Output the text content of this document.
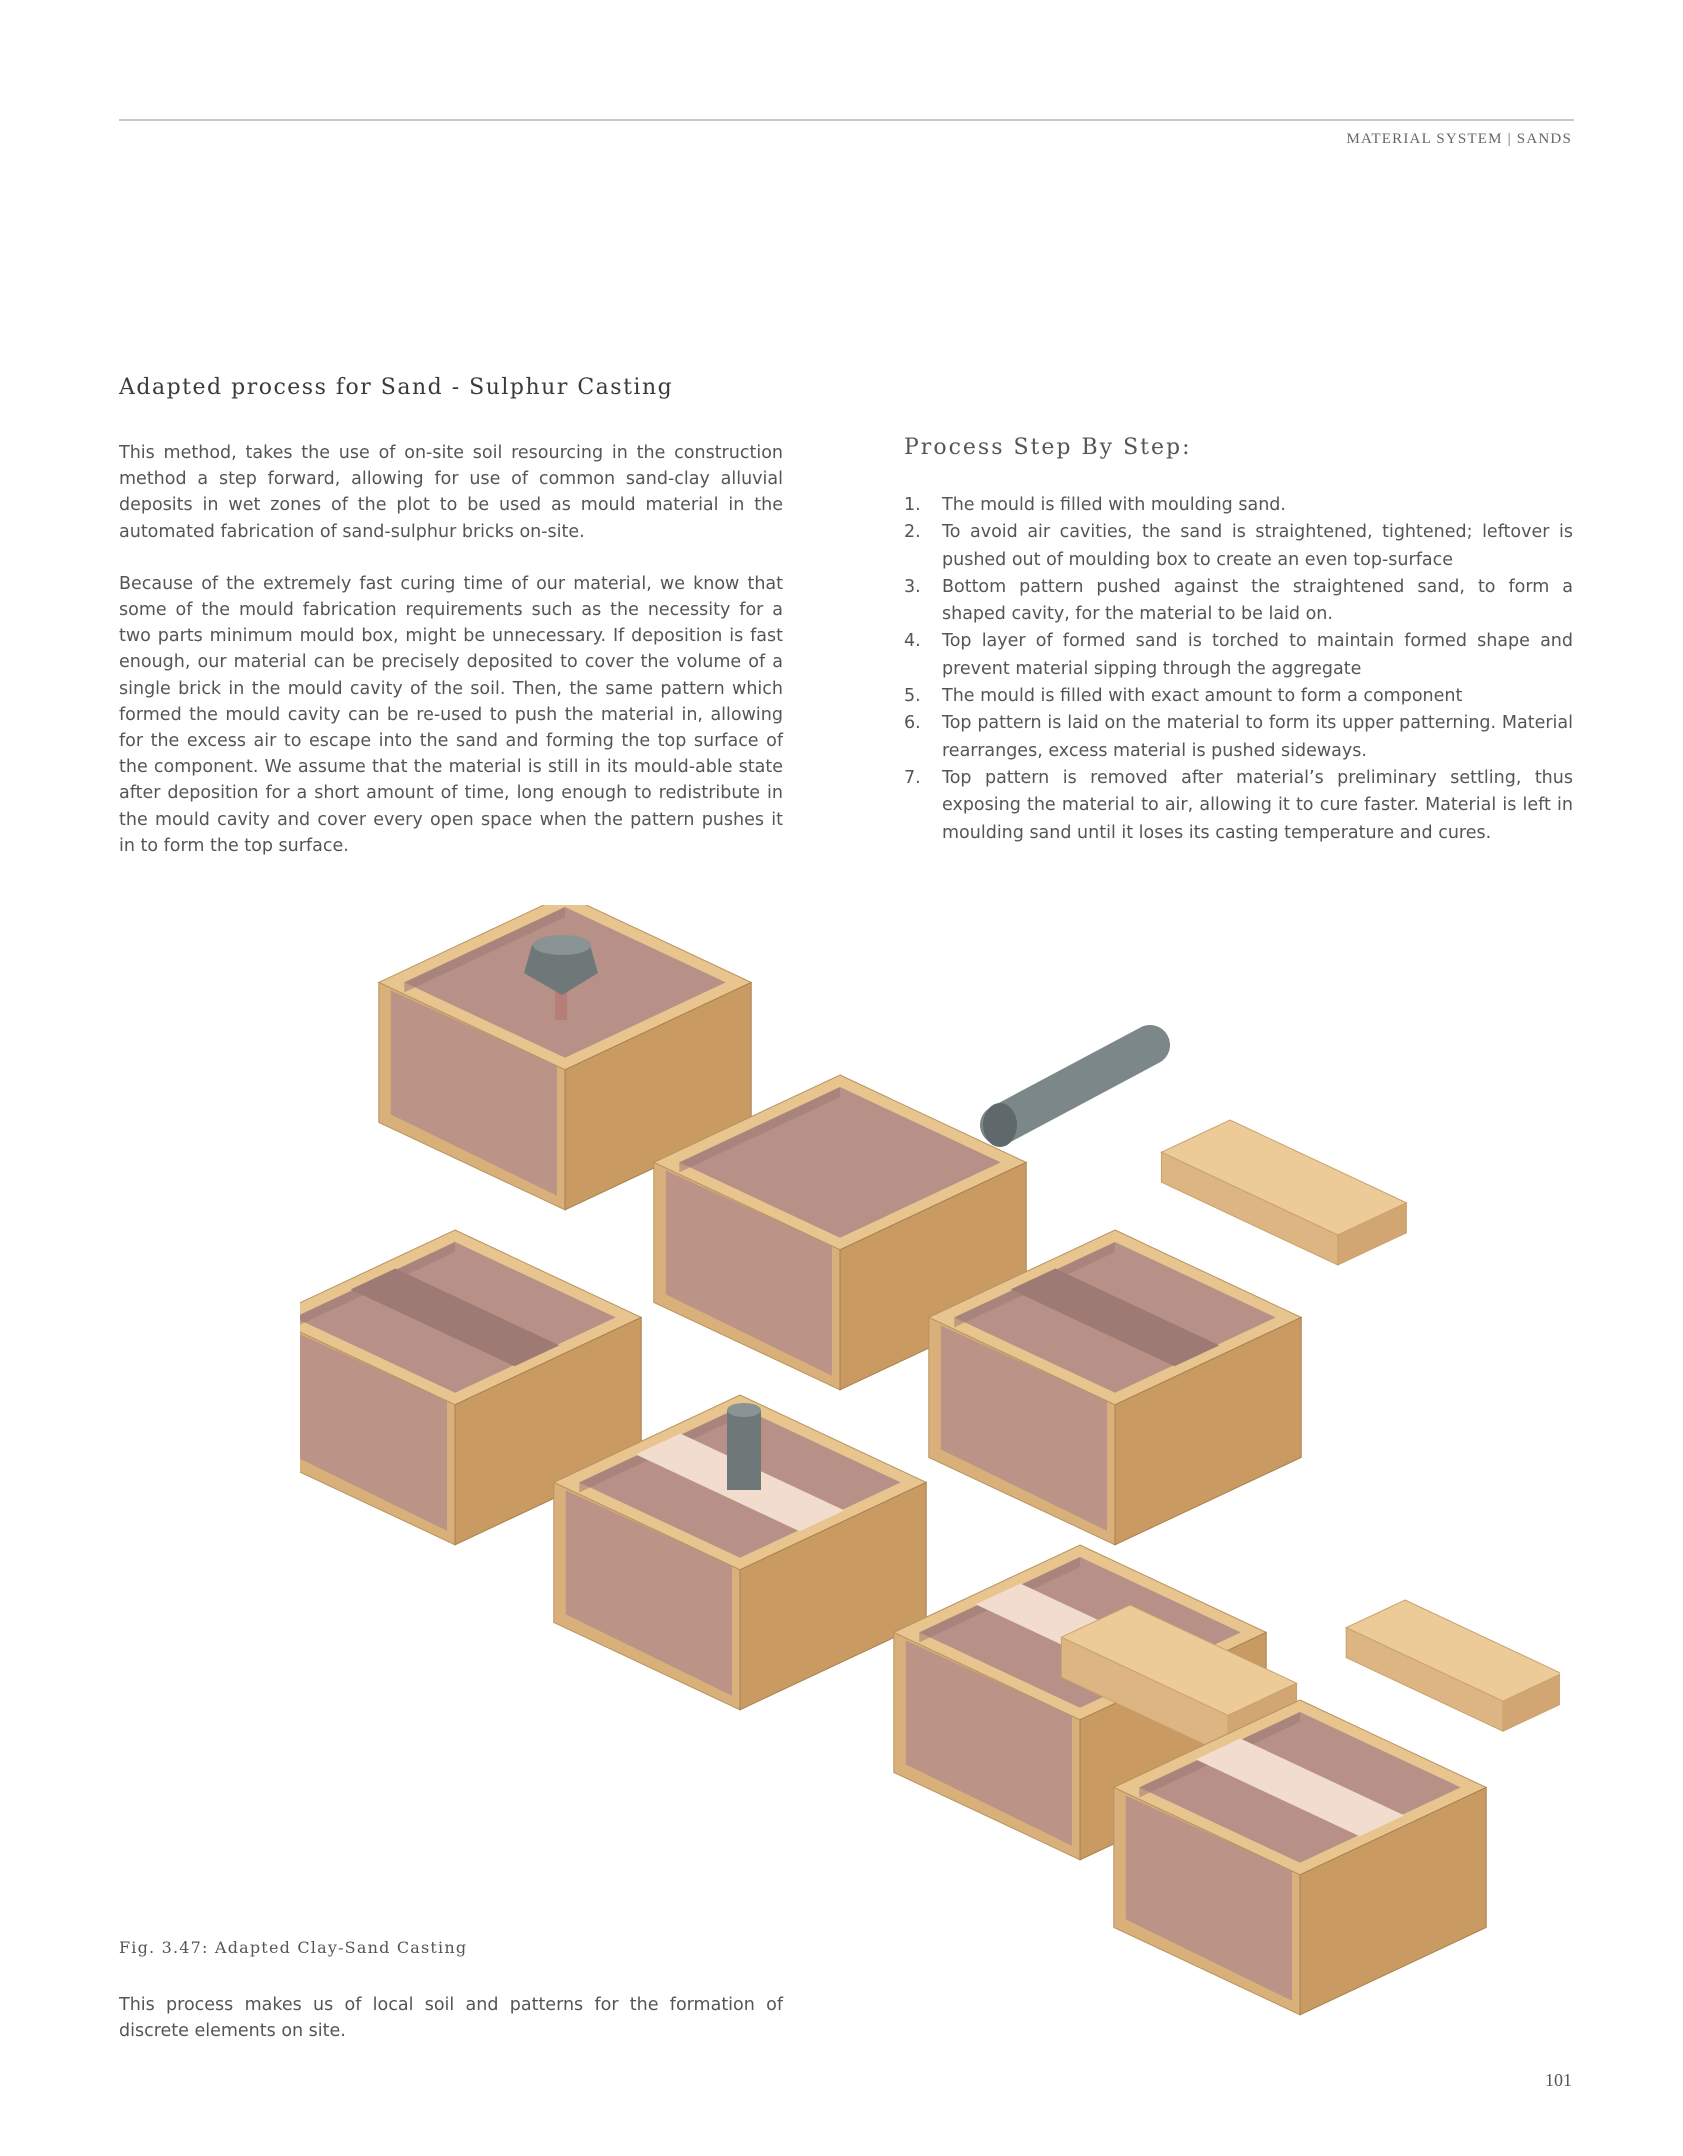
MATERIAL SYSTEM | SANDS
Adapted process for Sand - Sulphur Casting

This method, takes the use of on-site soil resourcing in the construction method a step forward, allowing for use of common sand-clay alluvial deposits in wet zones of the plot to be used as mould material in the automated fabrication of sand-sulphur bricks on-site.

Because of the extremely fast curing time of our material, we know that some of the mould fabrication requirements such as the necessity for a two parts minimum mould box, might be unnecessary. If deposition is fast enough, our material can be precisely deposited to cover the volume of a single brick in the mould cavity of the soil. Then, the same pattern which formed the mould cavity can be re-used to push the material in, allowing for the excess air to escape into the sand and forming the top surface of the component. We assume that the material is still in its mould-able state after deposition for a short amount of time, long enough to redistribute in the mould cavity and cover every open space when the pattern pushes it in to form the top surface.

Process Step By Step:
1. The mould is filled with moulding sand.
2. To avoid air cavities, the sand is straightened, tightened; leftover is pushed out of moulding box to create an even top-surface
3. Bottom pattern pushed against the straightened sand, to form a shaped cavity, for the material to be laid on.
4. Top layer of formed sand is torched to maintain formed shape and prevent material sipping through the aggregate
5. The mould is filled with exact amount to form a component
6. Top pattern is laid on the material to form its upper patterning. Material rearranges, excess material is pushed sideways.
7. Top pattern is removed after material’s preliminary settling, thus exposing the material to air, allowing it to cure faster. Material is left in moulding sand until it loses its casting temperature and cures.
Fig. 3.47: Adapted Clay-Sand Casting

This process makes us of local soil and patterns for the formation of discrete elements on site.

101
